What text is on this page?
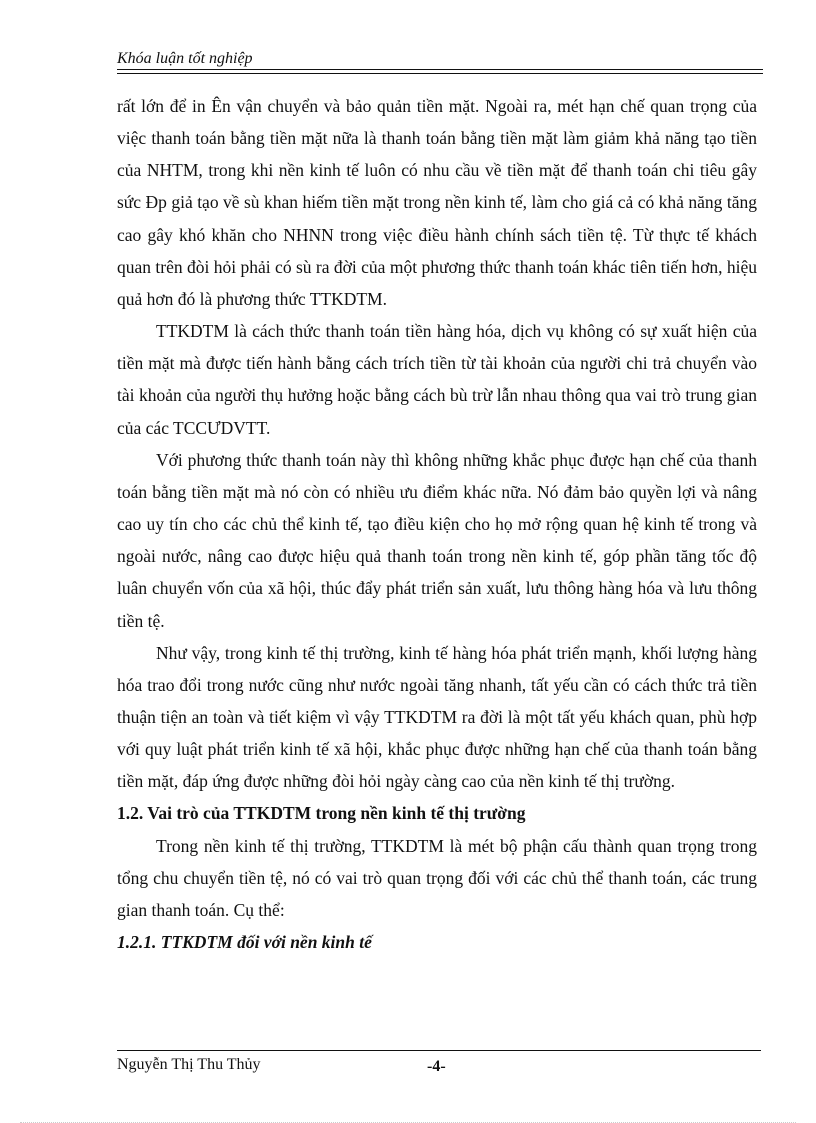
Khóa luận tốt nghiệp

rất lớn để in Ên vận chuyển và bảo quản tiền mặt. Ngoài ra, mét hạn chế quan trọng của việc thanh toán bằng tiền mặt nữa là thanh toán bằng tiền mặt làm giảm khả năng tạo tiền của NHTM, trong khi nền kinh tế luôn có nhu cầu về tiền mặt để thanh toán chi tiêu gây sức Ðp giả tạo về sù khan hiếm tiền mặt trong nền kinh tế, làm cho giá cả có khả năng tăng cao gây khó khăn cho NHNN trong việc điều hành chính sách tiền tệ. Từ thực tế khách quan trên đòi hỏi phải có sù ra đời của một phương thức thanh toán khác tiên tiến hơn, hiệu quả hơn đó là phương thức TTKDTM.

TTKDTM là cách thức thanh toán tiền hàng hóa, dịch vụ không có sự xuất hiện của tiền mặt mà được tiến hành bằng cách trích tiền từ tài khoản của người chi trả chuyển vào tài khoản của người thụ hưởng hoặc bằng cách bù trừ lẫn nhau thông qua vai trò trung gian của các TCCƯDVTT.

Với phương thức thanh toán này thì không những khắc phục được hạn chế của thanh toán bằng tiền mặt mà nó còn có nhiều ưu điểm khác nữa. Nó đảm bảo quyền lợi và nâng cao uy tín cho các chủ thể kinh tế, tạo điều kiện cho họ mở rộng quan hệ kinh tế trong và ngoài nước, nâng cao được hiệu quả thanh toán trong nền kinh tế, góp phần tăng tốc độ luân chuyển vốn của xã hội, thúc đẩy phát triển sản xuất, lưu thông hàng hóa và lưu thông tiền tệ.

Như vậy, trong kinh tế thị trường, kinh tế hàng hóa phát triển mạnh, khối lượng hàng hóa trao đổi trong nước cũng như nước ngoài tăng nhanh, tất yếu cần có cách thức trả tiền thuận tiện an toàn và tiết kiệm vì vậy TTKDTM ra đời là một tất yếu khách quan, phù hợp với quy luật phát triển kinh tế xã hội, khắc phục được những hạn chế của thanh toán bằng tiền mặt, đáp ứng được những đòi hỏi ngày càng cao của nền kinh tế thị trường.

1.2. Vai trò của TTKDTM trong nền kinh tế thị trường

Trong nền kinh tế thị trường, TTKDTM là mét bộ phận cấu thành quan trọng trong tổng chu chuyển tiền tệ, nó có vai trò quan trọng đối với các chủ thể thanh toán, các trung gian thanh toán. Cụ thể:

1.2.1. TTKDTM đối với nền kinh tế

Nguyễn Thị Thu Thủy	-4-
